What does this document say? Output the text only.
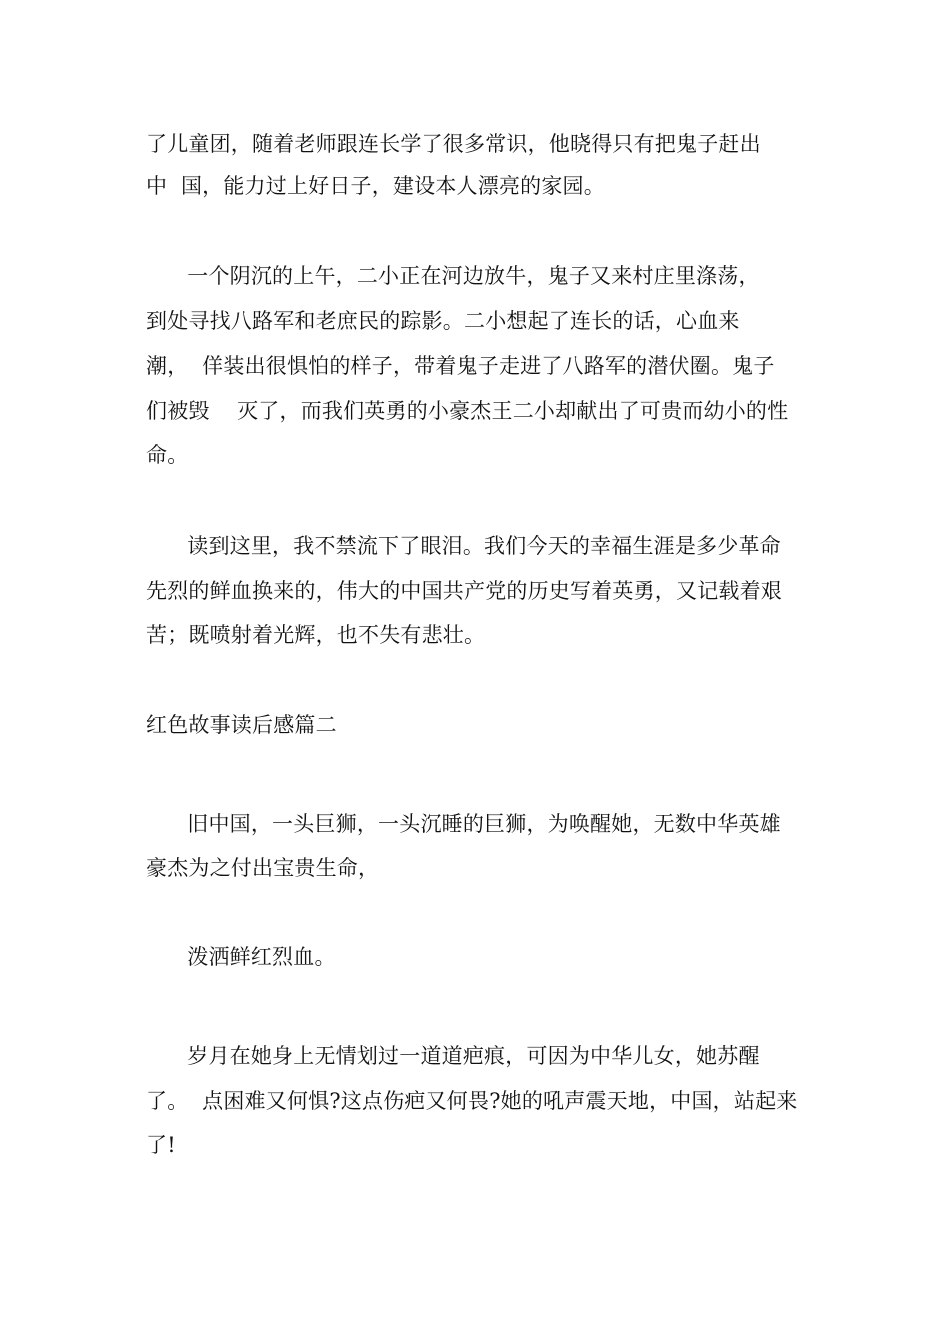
了儿童团，随着老师跟连长学了很多常识，他晓得只有把鬼子赶出
中  国，能力过上好日子，建设本人漂亮的家园。
一个阴沉的上午，二小正在河边放牛，鬼子又来村庄里涤荡，
到处寻找八路军和老庶民的踪影。二小想起了连长的话，心血来
潮，  佯装出很惧怕的样子，带着鬼子走进了八路军的潜伏圈。鬼子
们被毁    灭了，而我们英勇的小豪杰王二小却献出了可贵而幼小的性
命。
读到这里，我不禁流下了眼泪。我们今天的幸福生涯是多少革命
先烈的鲜血换来的，伟大的中国共产党的历史写着英勇，又记载着艰
苦；既喷射着光辉，也不失有悲壮。
红色故事读后感篇二
旧中国，一头巨狮，一头沉睡的巨狮，为唤醒她，无数中华英雄
豪杰为之付出宝贵生命，
泼洒鲜红烈血。
岁月在她身上无情划过一道道疤痕，可因为中华儿女，她苏醒
了。  点困难又何惧?这点伤疤又何畏?她的吼声震天地，中国，站起来
了!
